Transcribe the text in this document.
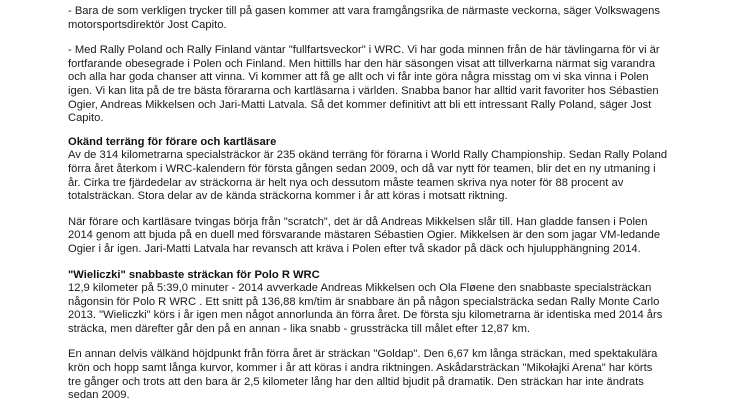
- Bara de som verkligen trycker till på gasen kommer att vara framgångsrika de närmaste veckorna, säger Volkswagens motorsportsdirektör Jost Capito.

- Med Rally Poland och Rally Finland väntar "fullfartsveckor" i WRC. Vi har goda minnen från de här tävlingarna för vi är fortfarande obesegrade i Polen och Finland. Men hittills har den här säsongen visat att tillverkarna närmat sig varandra och alla har goda chanser att vinna. Vi kommer att få ge allt och vi får inte göra några misstag om vi ska vinna i Polen igen. Vi kan lita på de tre bästa förararna och kartläsarna i världen. Snabba banor har alltid varit favoriter hos Sébastien Ogier, Andreas Mikkelsen och Jari-Matti Latvala. Så det kommer definitivt att bli ett intressant Rally Poland, säger Jost Capito.

Okänd terräng för förare och kartläsare

Av de 314 kilometrarna specialsträckor är 235 okänd terräng för förarna i World Rally Championship. Sedan Rally Poland förra året återkom i WRC-kalendern för första gången sedan 2009, och då var nytt för teamen, blir det en ny utmaning i år. Cirka tre fjärdedelar av sträckorna är helt nya och dessutom måste teamen skriva nya noter för 88 procent av totalsträckan. Stora delar av de kända sträckorna kommer i år att köras i motsatt riktning.

När förare och kartläsare tvingas börja från "scratch", det är då Andreas Mikkelsen slår till. Han gladde fansen i Polen 2014 genom att bjuda på en duell med försvarande mästaren Sébastien Ogier. Mikkelsen är den som jagar VM-ledande Ogier i år igen. Jari-Matti Latvala har revansch att kräva i Polen efter två skador på däck och hjulupphängning 2014.

"Wieliczki" snabbaste sträckan för Polo R WRC

12,9 kilometer på 5:39,0 minuter - 2014 avverkade Andreas Mikkelsen och Ola Fløene den snabbaste specialsträckan någonsin för Polo R WRC . Ett snitt på 136,88 km/tim är snabbare än på någon specialsträcka sedan Rally Monte Carlo 2013. "Wieliczki" körs i år igen men något annorlunda än förra året. De första sju kilometrarna är identiska med 2014 års sträcka, men därefter går den på en annan - lika snabb - grussträcka till målet efter 12,87 km.

En annan delvis välkänd höjdpunkt från förra året är sträckan "Goldap". Den 6,67 km långa sträckan, med spektakulära krön och hopp samt långa kurvor, kommer i år att köras i andra riktningen. Askådarsträckan "Mikołajki Arena" har körts tre gånger och trots att den bara är 2,5 kilometer lång har den alltid bjudit på dramatik. Den sträckan har inte ändrats sedan 2009.
